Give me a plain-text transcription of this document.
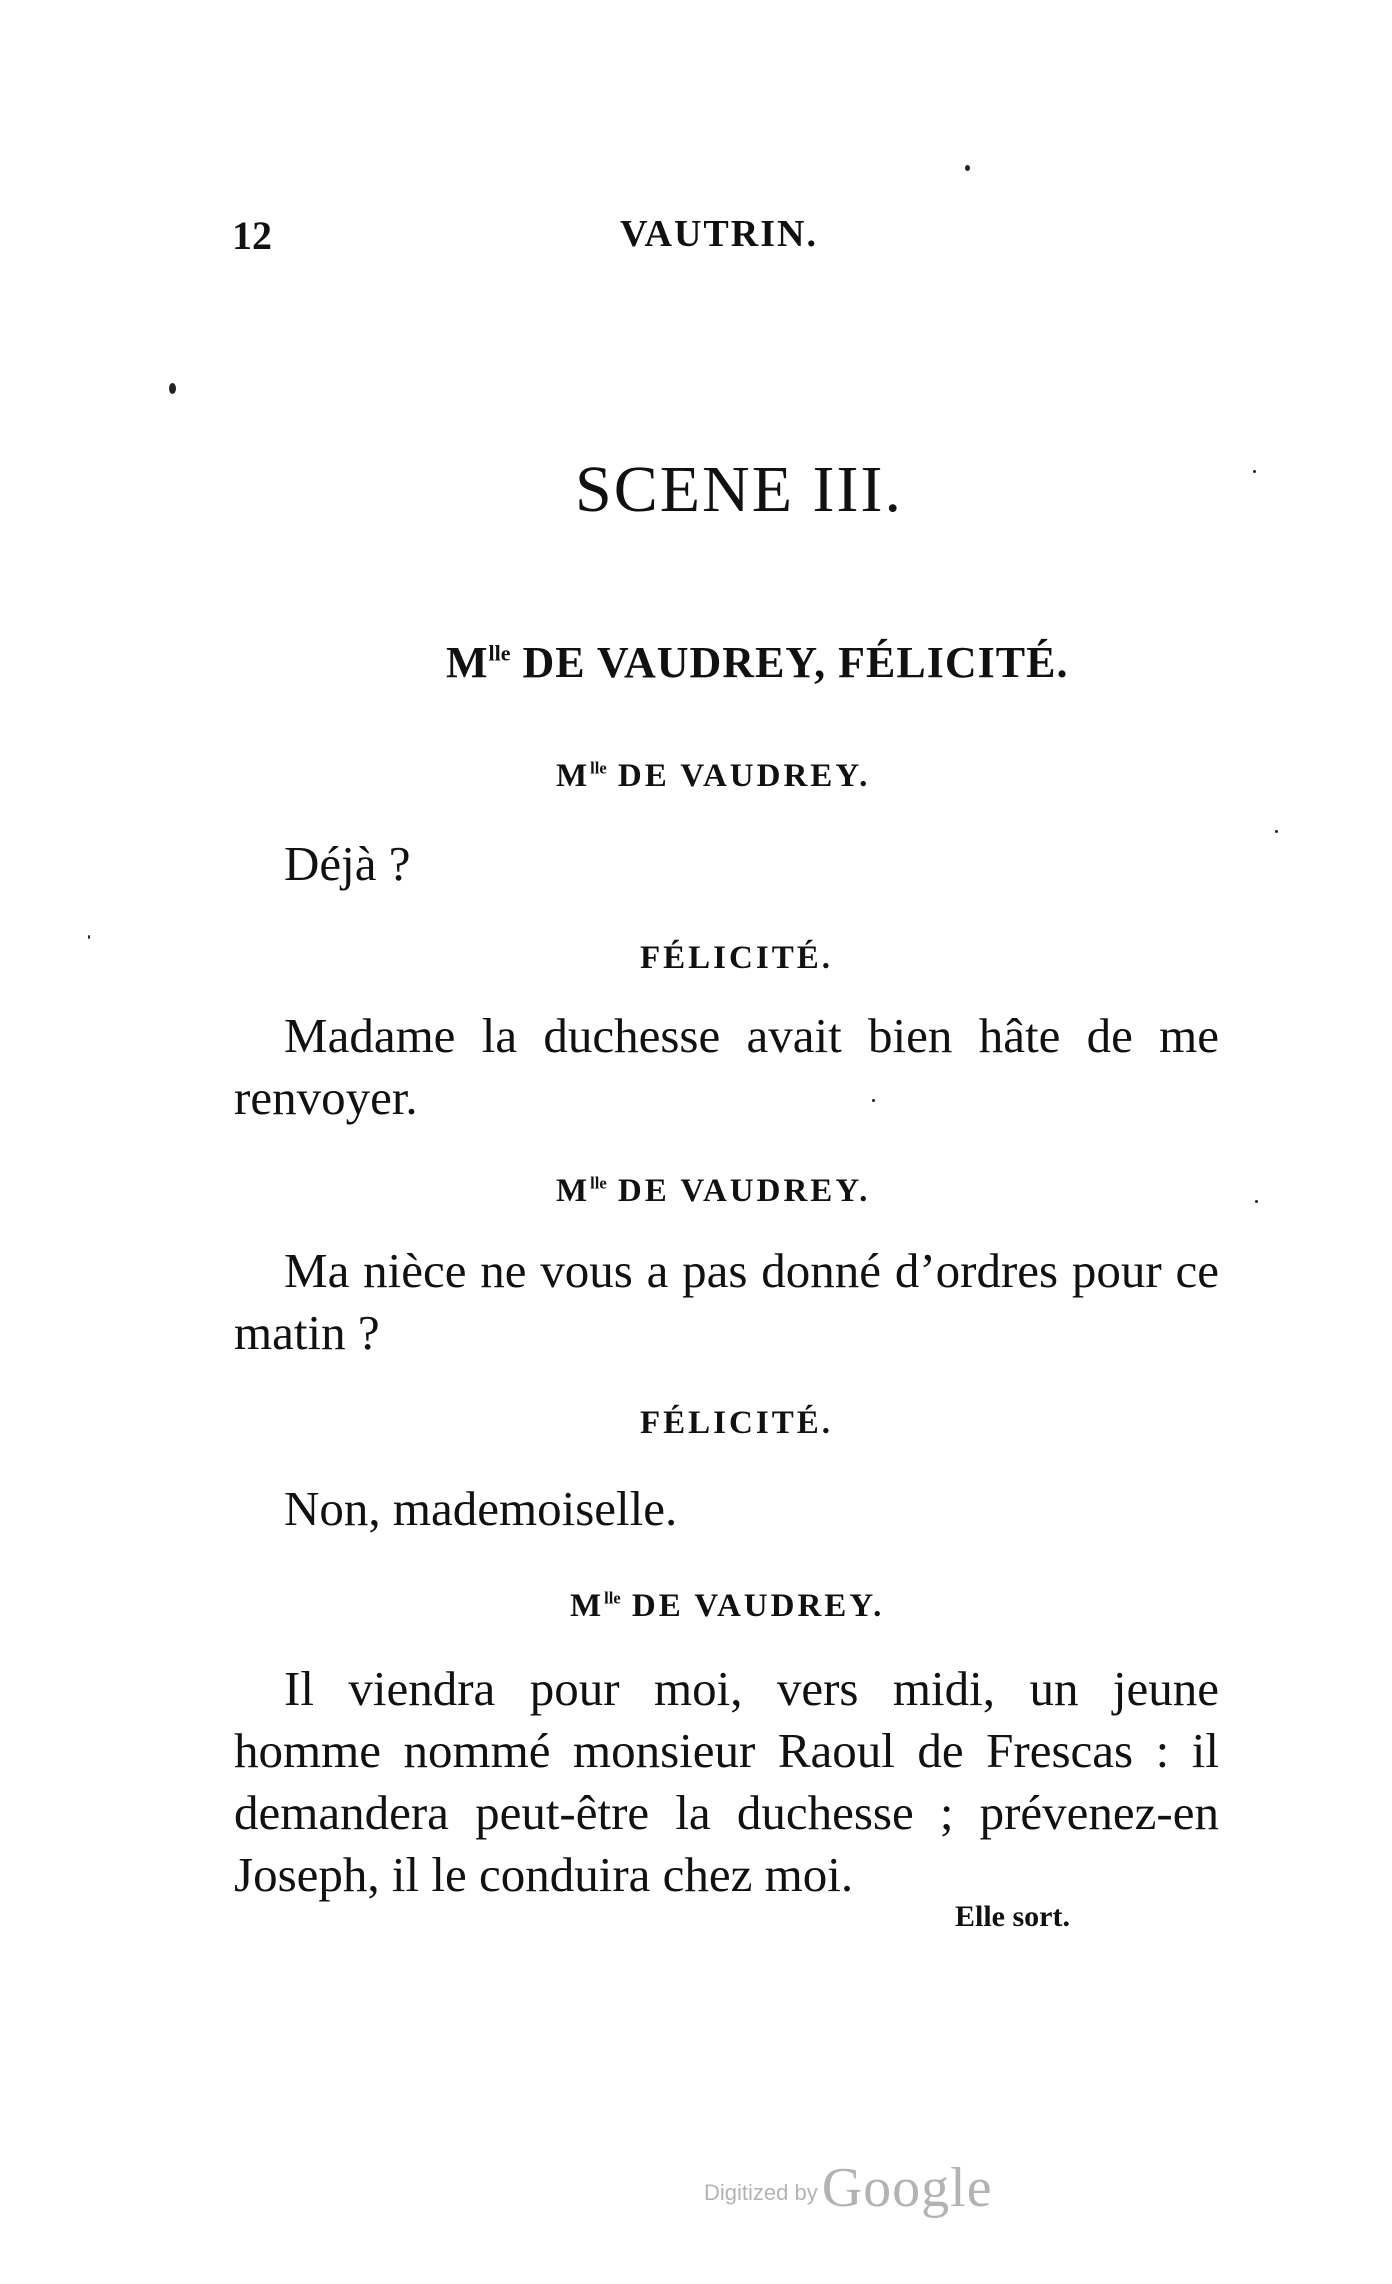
12	VAUTRIN.
SCENE III.
$M^{lle}$ DE VAUDREY, FÉLICITÉ.
$M^{lle}$ DE VAUDREY.
Déjà ?
FÉLICITÉ.
Madame la duchesse avait bien hâte de me renvoyer.
$M^{lle}$ DE VAUDREY.
Ma nièce ne vous a pas donné d’ordres pour ce matin ?
FÉLICITÉ.
Non, mademoiselle.
$M^{lle}$ DE VAUDREY.
Il viendra pour moi, vers midi, un jeune homme nommé monsieur Raoul de Frescas : il demandera peut-être la duchesse ; prévenez-en Joseph, il le conduira chez moi.
Elle sort.
Digitized by Google
